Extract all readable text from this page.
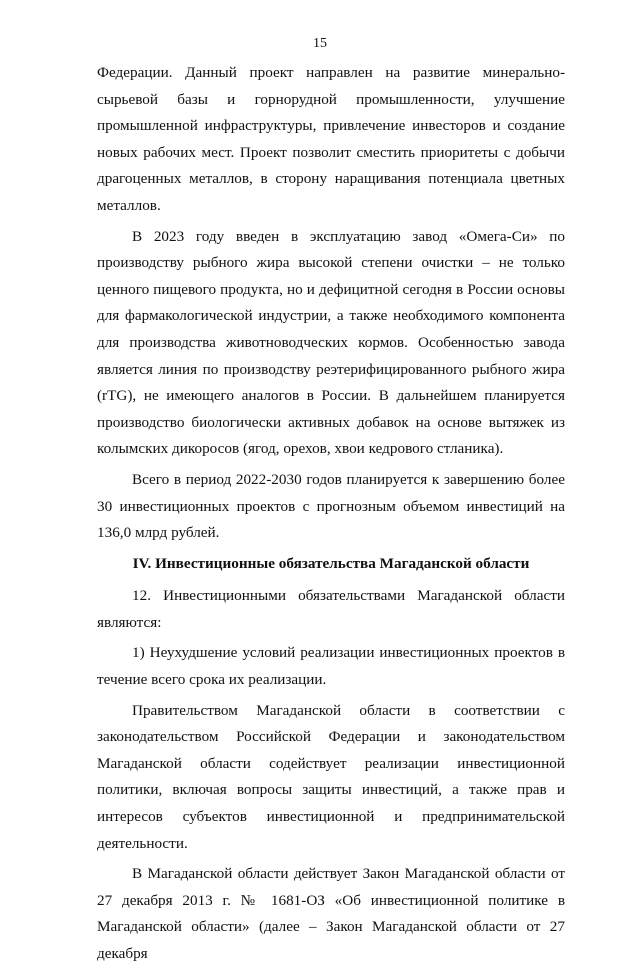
15

Федерации. Данный проект направлен на развитие минерально-сырьевой базы и горнорудной промышленности, улучшение промышленной инфраструктуры, привлечение инвесторов и создание новых рабочих мест. Проект позволит сместить приоритеты с добычи драгоценных металлов, в сторону наращивания потенциала цветных металлов.

В 2023 году введен в эксплуатацию завод «Омега-Си» по производству рыбного жира высокой степени очистки – не только ценного пищевого продукта, но и дефицитной сегодня в России основы для фармакологической индустрии, а также необходимого компонента для производства животноводческих кормов. Особенностью завода является линия по производству реэтерифицированного рыбного жира (rTG), не имеющего аналогов в России. В дальнейшем планируется производство биологически активных добавок на основе вытяжек из колымских дикоросов (ягод, орехов, хвои кедрового стланика).

Всего в период 2022-2030 годов планируется к завершению более 30 инвестиционных проектов с прогнозным объемом инвестиций на 136,0 млрд рублей.

IV. Инвестиционные обязательства Магаданской области

12. Инвестиционными обязательствами Магаданской области являются:

1) Неухудшение условий реализации инвестиционных проектов в течение всего срока их реализации.

Правительством Магаданской области в соответствии с законодательством Российской Федерации и законодательством Магаданской области содействует реализации инвестиционной политики, включая вопросы защиты инвестиций, а также прав и интересов субъектов инвестиционной и предпринимательской деятельности.

В Магаданской области действует Закон Магаданской области от 27 декабря 2013 г. № 1681-ОЗ «Об инвестиционной политике в Магаданской области» (далее – Закон Магаданской области от 27 декабря
